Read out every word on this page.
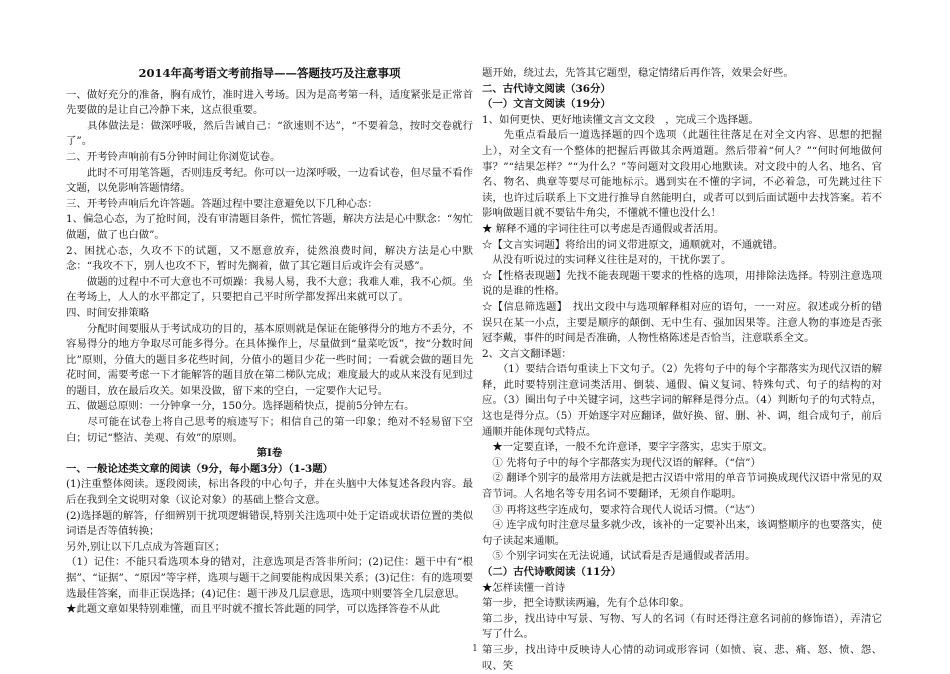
2014年高考语文考前指导——答题技巧及注意事项

一、做好充分的准备，胸有成竹，准时进入考场。因为是高考第一科，适度紧张是正常首先要做的是让自己冷静下来，这点很重要。

　　具体做法是：做深呼吸，然后告诫自己：“欲速则不达”，“不要着急，按时交卷就行了”。

二、开考铃声响前有5分钟时间让你浏览试卷。

　　此时不可用笔答题，否则违反考纪。你可以一边深呼吸，一边看试卷，但尽量不看作文题，以免影响答题情绪。

三、开考铃声响后允许答题。答题过程中要注意避免以下几种心态：

1、偏急心态，为了抢时间，没有审清题目条件，慌忙答题，解决方法是心中默念：“匆忙做题，做了也白做”。

2、困扰心态，久攻不下的试题，又不愿意放弃，徒然浪费时间，解决方法是心中默念：“我攻不下，别人也攻不下，暂时先搁着，做了其它题目后或许会有灵感”。

　　做题的过程中不可大意也不可烦躁：我易人易，我不大意；我难人难，我不心烦。坐在考场上，人人的水平都定了，只要把自己平时所学都发挥出来就可以了。

四、时间安排策略

　　分配时间要服从于考试成功的目的，基本原则就是保证在能够得分的地方不丢分，不容易得分的地方争取尽可能多得分。在具体操作上，尽量做到“量菜吃饭”，按“分数时间比”原则，分值大的题目多花些时间，分值小的题目少花一些时间；一看就会做的题目先花时间，需要考虑一下才能解答的题目放在第二梯队完成；难度最大的或从来没有见到过的题目，放在最后攻关。如果没做，留下来的空白，一定要作大记号。

五、做题总原则：一分钟拿一分，150分。选择题稍快点，提前5分钟左右。

　　尽可能在试卷上将自己思考的痕迹写下；相信自己的第一印象；绝对不轻易留下空白；切记“整洁、美观、有效”的原则。

第Ⅰ卷

一、一般论述类文章的阅读（9分，每小题3分）（1-3题）

(1)注重整体阅读。逐段阅读，标出各段的中心句子，并在头脑中大体复述各段内容。最后在我到全文说明对象（议论对象）的基础上整合文意。

(2)选择题的解答，仔细辨别干扰项逻辑错误,特别关注选项中处于定语或状语位置的类似词语是否等值转换；

另外,别让以下几点成为答题盲区；

（1）记住：不能只看选项本身的错对，注意选项是否答非所问；(2)记住：题干中有“根据”、“证据”、“原因”等字样，选项与题干之间要能构成因果关系；(3)记住：有的选项要选最佳答案，而非正误选择；(4)记住：题干涉及几层意思，选项中则要答全几层意思。

★此题文章如果特别难懂，而且平时就不擅长答此题的同学，可以选择答卷不从此

题开始，绕过去，先答其它题型，稳定情绪后再作答，效果会好些。

二、古代诗文阅读（36分）

（一）文言文阅读（19分）

1、如何更快、更好地读懂文言文文段　，完成三个选择题。

　　先重点看最后一道选择题的四个选项（此题往往落足在对全文内容、思想的把握上），对全文有一个整体的把握后再做其余两道题。然后带着“何人？”“何时何地做何事？”“结果怎样？”“为什么？”等问题对文段用心地默读。对文段中的人名、地名、官名、物名、典章等要尽可能地标示。遇到实在不懂的字词，不必着急，可先跳过往下读，也许过后联系上下文进行推导自然能明白，或者可以到后面试题中去找答案。若不影响做题目就不要钻牛角尖，不懂就不懂也没什么！

★ 解释不通的字词往往可以考虑是否通假或者活用。

☆【文言实词题】将给出的词义带进原文，通顺就对，不通就错。

　从没有听说过的实词释义往往是对的，干扰你罢了。

☆【性格表现题】先找不能表现题干要求的性格的选项，用排除法选择。特别注意选项说的是谁的性格。

☆【信息筛选题】　找出文段中与选项解释相对应的语句，一一对应。叙述或分析的错误只在某一小点，主要是顺序的颠倒、无中生有、强加因果等。注意人物的事迹是否张冠李戴，事件的时间是否准确，人物性格陈述是否恰当，注意联系全文。

2、文言文翻译题：

　　（1）要结合语句重读上下文句子。（2）先将句子中的每个字都落实为现代汉语的解释，此时要特别注意词类活用、倒装、通假、偏义复词、特殊句式、句子的结构的对应。（3）圈出句子中关键字词，这些字词的解释是得分点。（4）判断句子的句式特点，这也是得分点。（5）开始逐字对应翻译，做好换、留、删、补、调，组合成句子，前后通顺并能体现句式特点。

　★一定要直译，一般不允许意译，要字字落实，忠实于原文。

　① 先将句子中的每个字都落实为现代汉语的解释。（“信”）

　② 翻译个别字的最常用方法就是把古汉语中常用的单音节词换成现代汉语中常见的双音节词。人名地名等专用名词不要翻译，无须自作聪明。

　③ 再将这些字连成句，要求符合现代人说话习惯。（“达”）

　④ 连字成句时注意尽量多就少改，该补的一定要补出来，该调整顺序的也要落实，使句子读起来通顺。

　⑤ 个别字词实在无法说通，试试看是否是通假或者活用。

（二）古代诗歌阅读（11分）

★怎样读懂一首诗

第一步，把全诗默读两遍，先有个总体印象。

第二步，找出诗中写景、写物、写人的名词（有时还得注意名词前的修饰语），弄清它写了什么。

第三步，找出诗中反映诗人心情的动词或形容词（如愤、哀、悲、痛、怒、愤、怨、叹、笑

1
